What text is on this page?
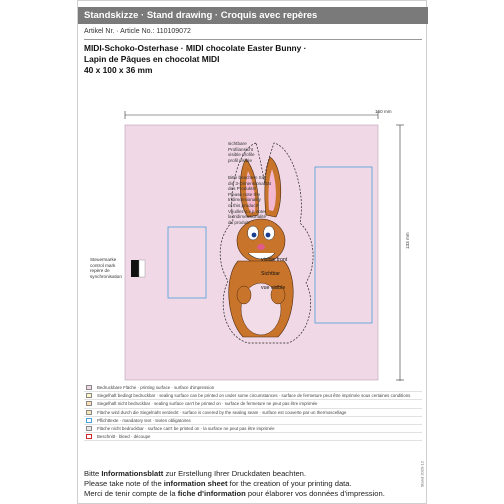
Standskizze · Stand drawing · Croquis avec repères
Artikel Nr. · Article No.: 110109072
MIDI-Schoko-Osterhase · MIDI chocolate Easter Bunny ·
Lapin de Pâques en chocolat MIDI
40 x 100 x 36 mm
150 mm
133 mm
sichtbare
Profilansicht
visible profile
profil visible
Bitte beachten Sie
die 3-Dimensionalität
des Produkts!
Please note the
tridimensionality
of this product!
Veuillez s.v.p noter
la tridimensionalité
du produit!
visible front
Sichtbar
vue visible
Steuermarke
control mark
repère de
synchronisation
Bedruckbare Fläche · printing surface · surface d'impression
Siegelhaft bedingt bedruckbar · sealing surface can be printed on under some circumstances · surface de fermeture peut être imprimée sous certaines conditions
Siegelhaft nicht bedruckbar · sealing surface can't be printed on · surface de fermeture ne peut pas être imprimée
Fläche wird durch die Siegelnaht verdeckt · surface is covered by the sealing seam · surface est couverte par un thermoscellage
Pflichttexte · mandatory text · textes obligatoires
Fläche nicht bedruckbar · surface can't be printed on · la surface ne peut pas être imprimée
Beschnitt · bleed · découpe
Bitte Informationsblatt zur Erstellung Ihrer Druckdaten beachten.
Please take note of the information sheet for the creation of your printing data.
Merci de tenir compte de la fiche d'information pour élaborer vos données d'impression.
Stand 2020-12
